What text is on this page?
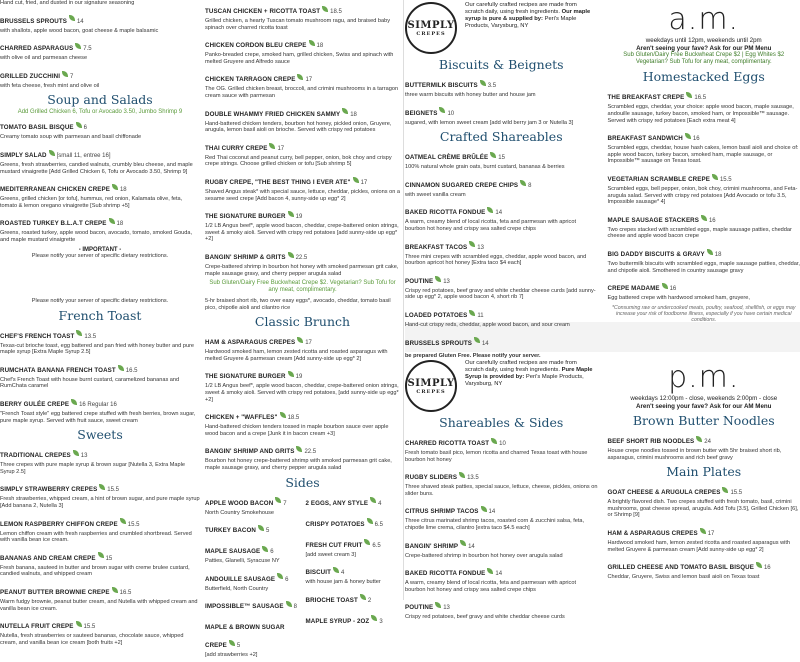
Hand cut, fried, and dusted in our signature seasoning
BRUSSELS SPROUTS 14
with shallots, apple wood bacon, goat cheese & maple balsamic
CHARRED ASPARAGUS 7.5
with olive oil and parmesan cheese
GRILLED ZUCCHINI 7
with feta cheese, fresh mint and olive oil
Soup and Salads
Add Grilled Chicken 6, Tofu or Avocado 3.50, Jumbo Shrimp 9
TOMATO BASIL BISQUE 6
Creamy tomato soup with parmesan and basil chiffonade
SIMPLY SALAD [small 11, entree 16]
Greens, fresh strawberries, candied walnuts, crumbly bleu cheese, and maple mustard vinaigrette [Add Grilled Chicken 6, Tofu or Avocado 3.50, Shrimp 9]
MEDITERRANEAN CHICKEN CREPE 18
Greens, grilled chicken [or tofu], hummus, red onion, Kalamata olive, feta, tomato & lemon oregano vinaigrette [Sub shrimp +5]
ROASTED TURKEY B.L.A.T CREPE 18
Greens, roasted turkey, apple wood bacon, avocado, tomato, smoked Gouda, and maple mustard vinaigrette
- IMPORTANT -
Please notify your server of specific dietary restrictions.
TUSCAN CHICKEN + RICOTTA TOAST 18.5
Grilled chicken, a hearty Tuscan tomato mushroom ragu, and braised baby spinach over charred ricotta toast
CHICKEN CORDON BLEU CREPE 18
Panko-breaded crepe, smoked ham, grilled chicken, Swiss and spinach with melted Gruyere and Alfredo sauce
CHICKEN TARRAGON CREPE 17
The OG. Grilled chicken breast, broccoli, and crimini mushrooms in a tarragon cream sauce with parmesan
DOUBLE WHAMMY FRIED CHICKEN SAMMY 18
Hand-battered chicken tenders, bourbon hot honey, pickled onion, Gruyere, arugula, lemon basil aioli on brioche. Served with crispy red potatoes
THAI CURRY CREPE 17
Red Thai coconut and peanut curry, bell pepper, onion, bok choy and crispy crepe strings. Choose grilled chicken or tofu [Sub shrimp 5]
RUGBY CREPE, "THE BEST THING I EVER ATE" 17
Shaved Angus steak* with special sauce, lettuce, cheddar, pickles, onions on a sesame seed crepe [Add bacon 4, sunny-side up egg* 2]
THE SIGNATURE BURGER 19
1/2 LB Angus beef*, apple wood bacon, cheddar, crepe-battered onion strings, sweet & smoky aioli. Served with crispy red potatoes [add sunny-side up egg* +2]
BANGIN' SHRIMP & GRITS 22.5
Crepe-battered shrimp in bourbon hot honey with smoked parmesan grit cake, maple sausage gravy, and cherry pepper arugula salad
Sub Gluten/Dairy Free Buckwheat Crepe $2. Vegetarian? Sub Tofu for any meat, complimentary.
Please notify your server of specific dietary restrictions.
French Toast
CHEF'S FRENCH TOAST 13.5
Texas-cut brioche toast, egg battered and pan fried with honey butter and pure maple syrup [Extra Maple Syrup 2.5]
RUMCHATA BANANA FRENCH TOAST 16.5
Chef's French Toast with house burnt custard, caramelized bananas and RumChata caramel
BERRY GULÉE CREPE 16 Regular 16
"French Toast style" egg battered crepe stuffed with fresh berries, brown sugar, pure maple syrup. Served with fruit sauce, sweet cream
Sweets
TRADITIONAL CREPES 13
Three crepes with pure maple syrup & brown sugar [Nutella 3, Extra Maple Syrup 2.5]
SIMPLY STRAWBERRY CREPES 15.5
Fresh strawberries, whipped cream, a hint of brown sugar, and pure maple syrup [Add banana 2, Nutella 3]
LEMON RASPBERRY CHIFFON CREPE 15.5
Lemon chiffon cream with fresh raspberries and crumbled shortbread. Served with vanilla bean ice cream.
BANANAS AND CREAM CREPE 15
Fresh banana, sauteed in butter and brown sugar with creme brulee custard, candied walnuts, and whipped cream
PEANUT BUTTER BROWNIE CREPE 16.5
Warm fudgy brownie, peanut butter cream, and Nutella with whipped cream and vanilla bean ice cream.
NUTELLA FRUIT CREPE 15.5
Nutella, fresh strawberries or sauteed bananas, chocolate sauce, whipped cream, and vanilla bean ice cream [both fruits +2]
5-hr braised short rib, two over easy eggs*, avocado, cheddar, tomato basil pico, chipotle aioli and cilantro rice
Classic Brunch
HAM & ASPARAGUS CREPES 17
Hardwood smoked ham, lemon zested ricotta and roasted asparagus with melted Gruyere & parmesan cream [Add sunny-side up egg* 2]
THE SIGNATURE BURGER 19
1/2 LB Angus beef*, apple wood bacon, cheddar, crepe-battered onion strings, sweet & smoky aioli. Served with crispy red potatoes, [add sunny-side up egg* +2]
CHICKEN + "WAFFLES" 18.5
Hand-battered chicken tenders tossed in maple bourbon sauce over apple wood bacon and a crepe [Junk it in bacon cream +3]
BANGIN' SHRIMP AND GRITS 22.5
Bourbon hot honey crepe-battered shrimp with smoked parmesan grit cake, maple sausage gravy, and cherry pepper arugula salad
Sides
APPLE WOOD BACON 7
North Country Smokehouse
TURKEY BACON 5
MAPLE SAUSAGE 6
Patties, Glanelli, Syracuse NY
ANDOUILLE SAUSAGE 6
Butterfield, North Country
IMPOSSIBLE™ SAUSAGE 8
MAPLE & BROWN SUGAR CREPE 5
[add strawberries +2]
2 EGGS, ANY STYLE 4
CRISPY POTATOES 6.5
FRESH CUT FRUIT 6.5
[add sweet cream 3]
BISCUIT 4
with house jam & honey butter
BRIOCHE TOAST 2
MAPLE SYRUP - 2OZ 3
SIMPLY
CREPES
Our carefully crafted recipes are made from scratch daily, using fresh ingredients. Our maple syrup is pure & supplied by: Peri's Maple Products, Varysburg, NY
Biscuits & Beignets
BUTTERMILK BISCUITS 3.5
three warm biscuits with honey butter and house jam
BEIGNETS 10
sugared, with lemon sweet cream [add wild berry jam 3 or Nutella 3]
Crafted Shareables
OATMEAL CRÈME BRÛLÉE 15
100% natural whole grain oats, burnt custard, bananas & berries
CINNAMON SUGARED CREPE CHIPS 8
with sweet vanilla cream
BAKED RICOTTA FONDUE 14
A warm, creamy blend of local ricotta, feta and parmesan with apricot bourbon hot honey and crispy sea salted crepe chips
BREAKFAST TACOS 13
Three mini crepes with scrambled eggs, cheddar, apple wood bacon, and bourbon apricot hot honey [Extra taco $4 each]
POUTINE 13
Crispy red potatoes, beef gravy and white cheddar cheese curds [add sunny-side up egg* 2, apple wood bacon 4, short rib 7]
LOADED POTATOES 11
Hand-cut crispy reds, cheddar, apple wood bacon, and sour cream
BRUSSELS SPROUTS 14
be prepared Gluten Free. Please notify your server.
a.m.
weekdays until 12pm, weekends until 2pm
Aren't seeing your fave? Ask for our PM Menu
Sub Gluten/Dairy Free Buckwheat Crepe $2 | Egg Whites $2 Vegetarian? Sub Tofu for any meat, complimentary.
Homestacked Eggs
THE BREAKFAST CREPE 16.5
Scrambled eggs, cheddar, your choice: apple wood bacon, maple sausage, andouille sausage, turkey bacon, smoked ham, or Impossible™ sausage. Served with crispy red potatoes [Each extra meat 4]
BREAKFAST SANDWICH 16
Scrambled eggs, cheddar, house hash cakes, lemon basil aioli and choice of: apple wood bacon, turkey bacon, smoked ham, maple sausage, or Impossible™ sausage on Texas toast.
VEGETARIAN SCRAMBLE CREPE 15.5
Scrambled eggs, bell pepper, onion, bok choy, crimini mushrooms, and Feta-arugula salad. Served with crispy red potatoes [Add Avocado or tofu 3.5, Impossible sausage* 4]
MAPLE SAUSAGE STACKERS 16
Two crepes stacked with scrambled eggs, maple sausage patties, cheddar cheese and apple wood bacon crepe
BIG DADDY BISCUITS & GRAVY 18
Two buttermilk biscuits with scrambled eggs, maple sausage patties, cheddar, and chipotle aioli. Smothered in country sausage gravy
CREPE MADAME 16
Egg battered crepe with hardwood smoked ham, gruyere,
*Consuming raw or undercooked meats, poultry, seafood, shellfish, or eggs may increase your risk of foodborne illness, especially if you have certain medical conditions.
SIMPLY
CREPES
Our carefully crafted recipes are made from scratch daily, using fresh ingredients. Pure Maple Syrup is provided by: Peri's Maple Products, Varysburg, NY
Shareables & Sides
CHARRED RICOTTA TOAST 10
Fresh tomato basil pico, lemon ricotta and charred Texas toast with house bourbon hot honey
RUGBY SLIDERS 13.5
Three shaved steak patties, special sauce, lettuce, cheese, pickles, onions on slider buns.
CITRUS SHRIMP TACOS 14
Three citrus marinated shrimp tacos, roasted corn & zucchini salsa, feta, chipotle lime crema, cilantro [extra taco $4.5 each]
BANGIN' SHRIMP 14
Crepe-battered shrimp in bourbon hot honey over arugula salad
BAKED RICOTTA FONDUE 14
A warm, creamy blend of local ricotta, feta and parmesan with apricot bourbon hot honey and crispy sea salted crepe chips
POUTINE 13
Crispy red potatoes, beef gravy and white cheddar cheese curds
p.m.
weekdays 12:00pm - close, weekends 2:00pm - close
Aren't seeing your fave? Ask for our AM Menu
Brown Butter Noodles
BEEF SHORT RIB NOODLES 24
House crepe noodles tossed in brown butter with 5hr braised short rib, asparagus, crimini mushrooms and rich beef gravy
Main Plates
GOAT CHEESE & ARUGULA CREPES 15.5
A brightly flavored dish. Two crepes stuffed with fresh tomato, basil, crimini mushrooms, goat cheese spread, arugula. Add Tofu [3.5], Grilled Chicken [6], or Shrimp [9]
HAM & ASPARAGUS CREPES 17
Hardwood smoked ham, lemon zested ricotta and roasted asparagus with melted Gruyere & parmesan cream [Add sunny-side up egg* 2]
GRILLED CHEESE AND TOMATO BASIL BISQUE 16
Cheddar, Gruyere, Swiss and lemon basil aioli on Texas toast
